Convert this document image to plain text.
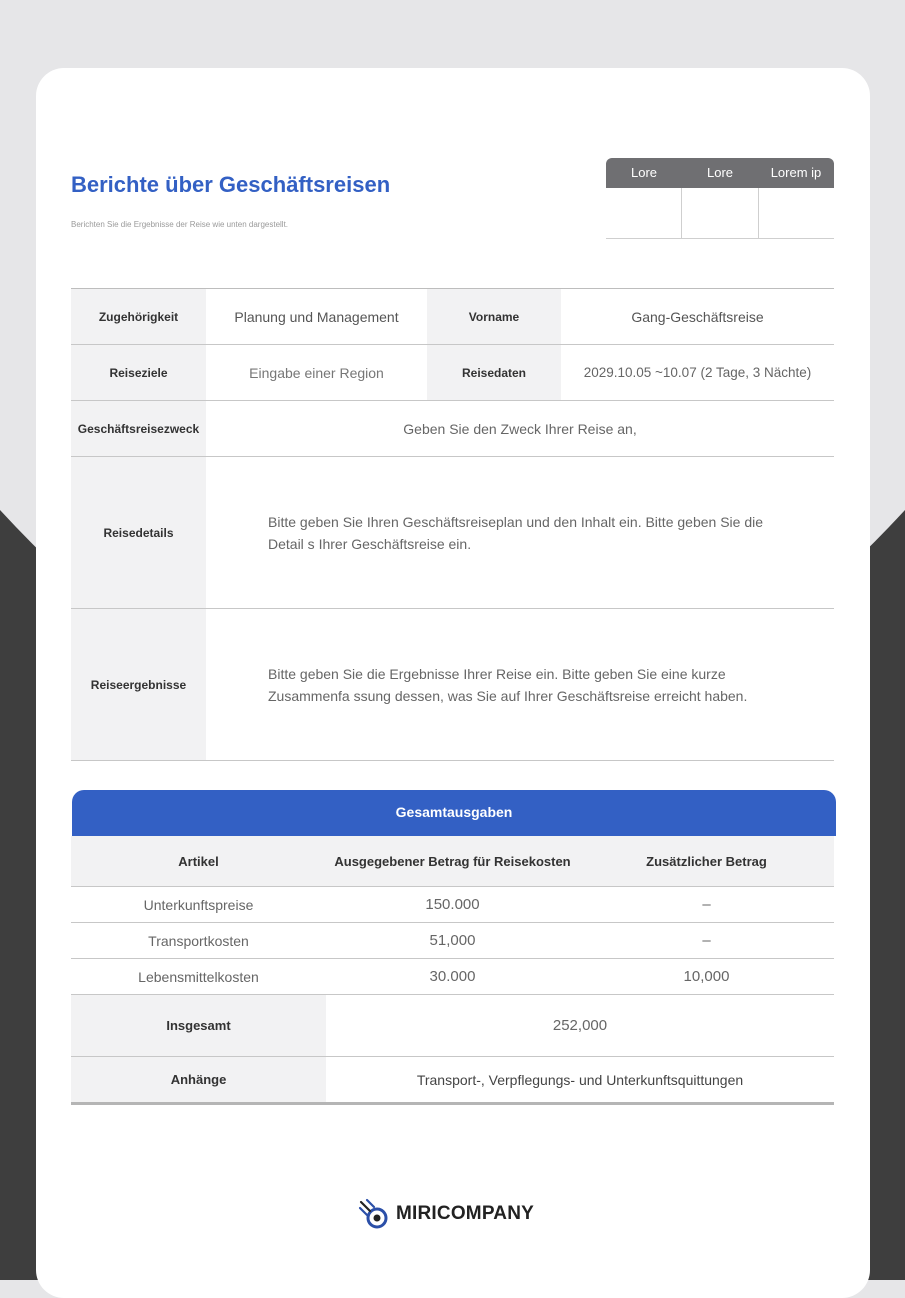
Berichte über Geschäftsreisen
Berichten Sie die Ergebnisse der Reise wie unten dargestellt.
Lore	Lore	Lorem ip
Zugehörigkeit	Planung und Management	Vorname	Gang-Geschäftsreise
Reiseziele	Eingabe einer Region	Reisedaten	2029.10.05 ~10.07 (2 Tage, 3 Nächte)
Geschäftsreisezweck	Geben Sie den Zweck Ihrer Reise an,
Reisedetails
Bitte geben Sie Ihren Geschäftsreiseplan und den Inhalt ein. Bitte geben Sie die Detail s Ihrer Geschäftsreise ein.
Reiseergebnisse
Bitte geben Sie die Ergebnisse Ihrer Reise ein. Bitte geben Sie eine kurze Zusammenfa ssung dessen, was Sie auf Ihrer Geschäftsreise erreicht haben.
Gesamtausgaben
Artikel	Ausgegebener Betrag für Reisekosten	Zusätzlicher Betrag
Unterkunftspreise	150.000	–
Transportkosten	51,000	–
Lebensmittelkosten	30.000	10,000
Insgesamt	252,000
Anhänge	Transport-, Verpflegungs- und Unterkunftsquittungen
MIRICOMPANY
